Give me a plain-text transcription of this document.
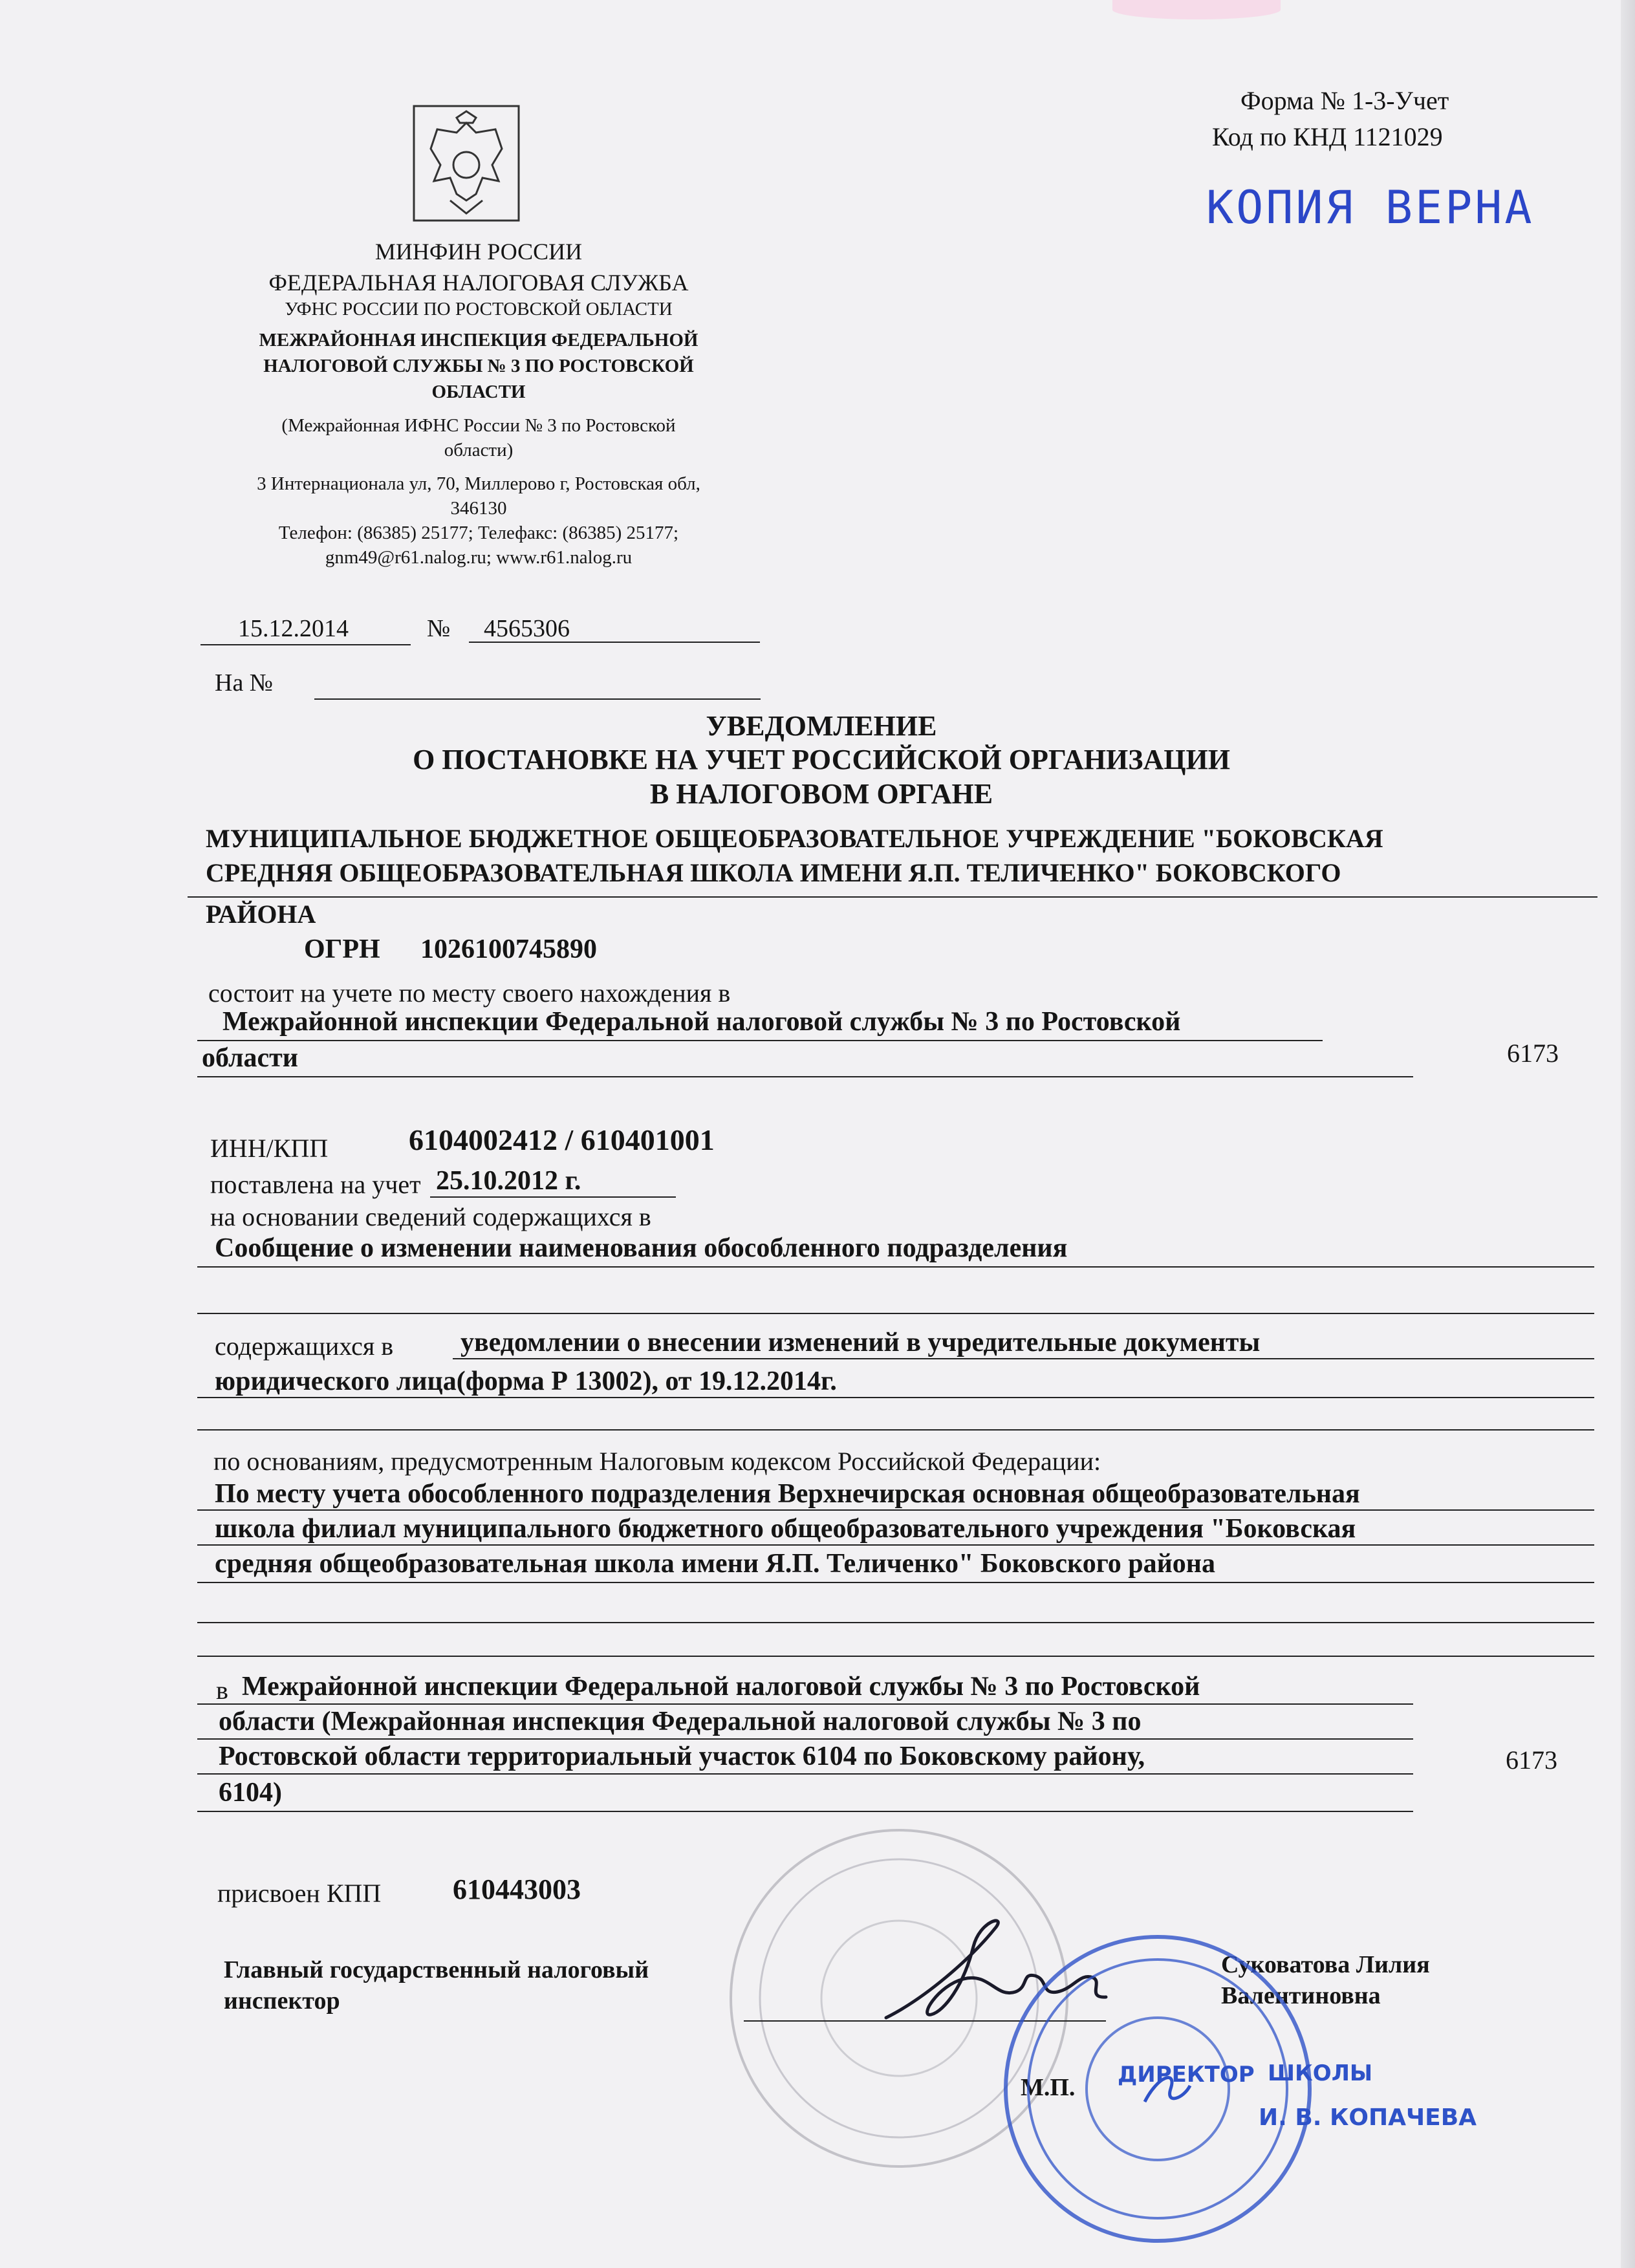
Форма № 1-3-Учет
Код по КНД 1121029
КОПИЯ ВЕРНА
МИНФИН РОССИИ
ФЕДЕРАЛЬНАЯ НАЛОГОВАЯ СЛУЖБА
УФНС РОССИИ ПО РОСТОВСКОЙ ОБЛАСТИ
МЕЖРАЙОННАЯ ИНСПЕКЦИЯ ФЕДЕРАЛЬНОЙ
НАЛОГОВОЙ СЛУЖБЫ № 3 ПО РОСТОВСКОЙ
ОБЛАСТИ
(Межрайонная ИФНС России № 3 по Ростовской
области)
3 Интернационала ул, 70, Миллерово г, Ростовская обл,
346130
Телефон: (86385) 25177; Телефакс: (86385) 25177;
gnm49@r61.nalog.ru; www.r61.nalog.ru
15.12.2014	№ 4565306
На №
УВЕДОМЛЕНИЕ
О ПОСТАНОВКЕ НА УЧЕТ РОССИЙСКОЙ ОРГАНИЗАЦИИ
В НАЛОГОВОМ ОРГАНЕ
МУНИЦИПАЛЬНОЕ БЮДЖЕТНОЕ ОБЩЕОБРАЗОВАТЕЛЬНОЕ УЧРЕЖДЕНИЕ "БОКОВСКАЯ
СРЕДНЯЯ ОБЩЕОБРАЗОВАТЕЛЬНАЯ ШКОЛА ИМЕНИ Я.П. ТЕЛИЧЕНКО" БОКОВСКОГО
РАЙОНА
ОГРН 1026100745890
состоит на учете по месту своего нахождения в
Межрайонной инспекции Федеральной налоговой службы № 3 по Ростовской
области	6173
ИНН/КПП	6104002412 / 610401001
поставлена на учет 25.10.2012 г.
на основании сведений содержащихся в
Сообщение о изменении наименования обособленного подразделения
содержащихся в уведомлении о внесении изменений в учредительные документы
юридического лица(форма Р 13002), от 19.12.2014г.
по основаниям, предусмотренным Налоговым кодексом Российской Федерации:
По месту учета обособленного подразделения Верхнечирская основная общеобразовательная
школа филиал муниципального бюджетного общеобразовательного учреждения "Боковская
средняя общеобразовательная школа имени Я.П. Теличенко" Боковского района
в Межрайонной инспекции Федеральной налоговой службы № 3 по Ростовской
области (Межрайонная инспекция Федеральной налоговой службы № 3 по
Ростовской области территориальный участок 6104 по Боковскому району,	6173
6104)
присвоен КПП	610443003
Главный государственный налоговый
инспектор
Суковатова Лилия
Валентиновна
М.П. ДИРЕКТОР ШКОЛЫ
И. В. КОПАЧЕВА
